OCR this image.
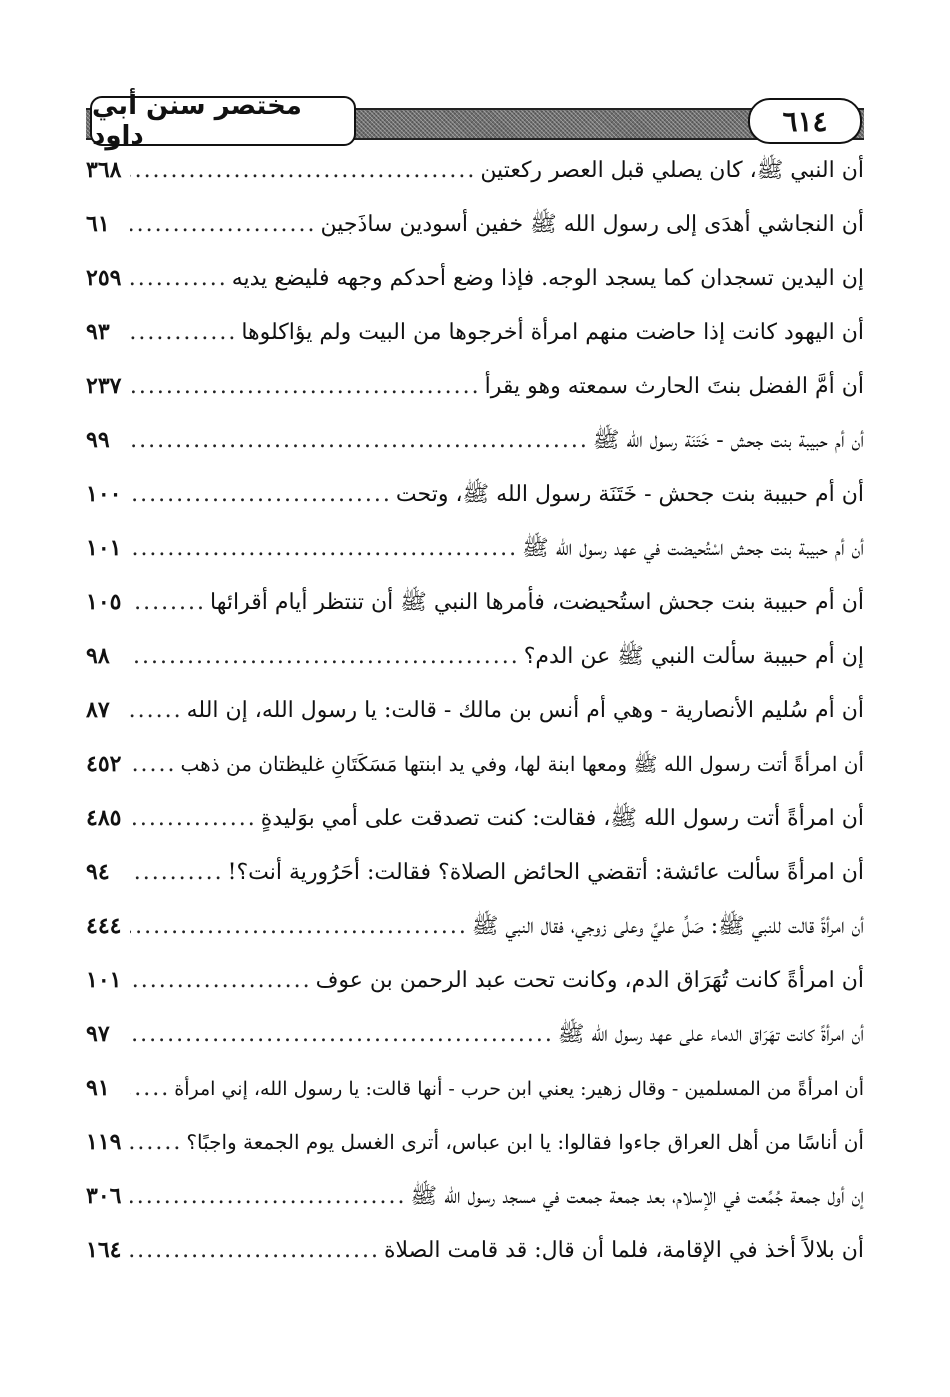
مختصر سنن أبي داود	٦١٤
أن النبي ﷺ، كان يصلي قبل العصر ركعتين
.....
٣٦٨
أن النجاشي أهدَى إلى رسول الله ﷺ خفين أسودين ساذَجين
.....
٦١
إن اليدين تسجدان كما يسجد الوجه. فإذا وضع أحدكم وجهه فليضع يديه
.....
٢٥٩
أن اليهود كانت إذا حاضت منهم امرأة أخرجوها من البيت ولم يؤاكلوها
.....
٩٣
أن أمَّ الفضل بنتَ الحارث سمعته وهو يقرأ
.....
٢٣٧
أن أم حبيبة بنت جحش - خَتَنَة رسول الله ﷺ
.....
٩٩
أن أم حبيبة بنت جحش - خَتَنَة رسول الله ﷺ، وتحت
.....
١٠٠
أن أم حبيبة بنت جحش اسْتُحيضت في عهد رسول الله ﷺ
.....
١٠١
أن أم حبيبة بنت جحش استُحيضت، فأمرها النبي ﷺ أن تنتظر أيام أقرائها
.....
١٠٥
إن أم حبيبة سألت النبي ﷺ عن الدم؟
.....
٩٨
أن أم سُليم الأنصارية - وهي أم أنس بن مالك - قالت: يا رسول الله، إن الله
.....
٨٧
أن امرأةً أتت رسول الله ﷺ ومعها ابنة لها، وفي يد ابنتها مَسَكَتَانِ غليظتان من ذهب
.....
٤٥٢
أن امرأةً أتت رسول الله ﷺ، فقالت: كنت تصدقت على أمي بوَليدةٍ
.....
٤٨٥
أن امرأةً سألت عائشة: أتقضي الحائض الصلاة؟ فقالت: أحَرُورية أنت؟!
.....
٩٤
أن امرأةً قالت للنبي ﷺ: صَلِّ عليَّ وعلى زوجي، فقال النبي ﷺ
.....
٤٤٤
أن امرأةً كانت تُهَرَاق الدم، وكانت تحت عبد الرحمن بن عوف
.....
١٠١
أن امرأةً كانت تهَرَاق الدماء على عهد رسول الله ﷺ
.....
٩٧
أن امرأةً من المسلمين - وقال زهير: يعني ابن حرب - أنها قالت: يا رسول الله، إني امرأة
.....
٩١
أن أناسًا من أهل العراق جاءوا فقالوا: يا ابن عباس، أترى الغسل يوم الجمعة واجبًا؟
.....
١١٩
إن أول جمعة جُمِّعت في الإسلام، بعد جمعة جمعت في مسجد رسول الله ﷺ
.....
٣٠٦
أن بلالاً أخذ في الإقامة، فلما أن قال: قد قامت الصلاة
.....
١٦٤
